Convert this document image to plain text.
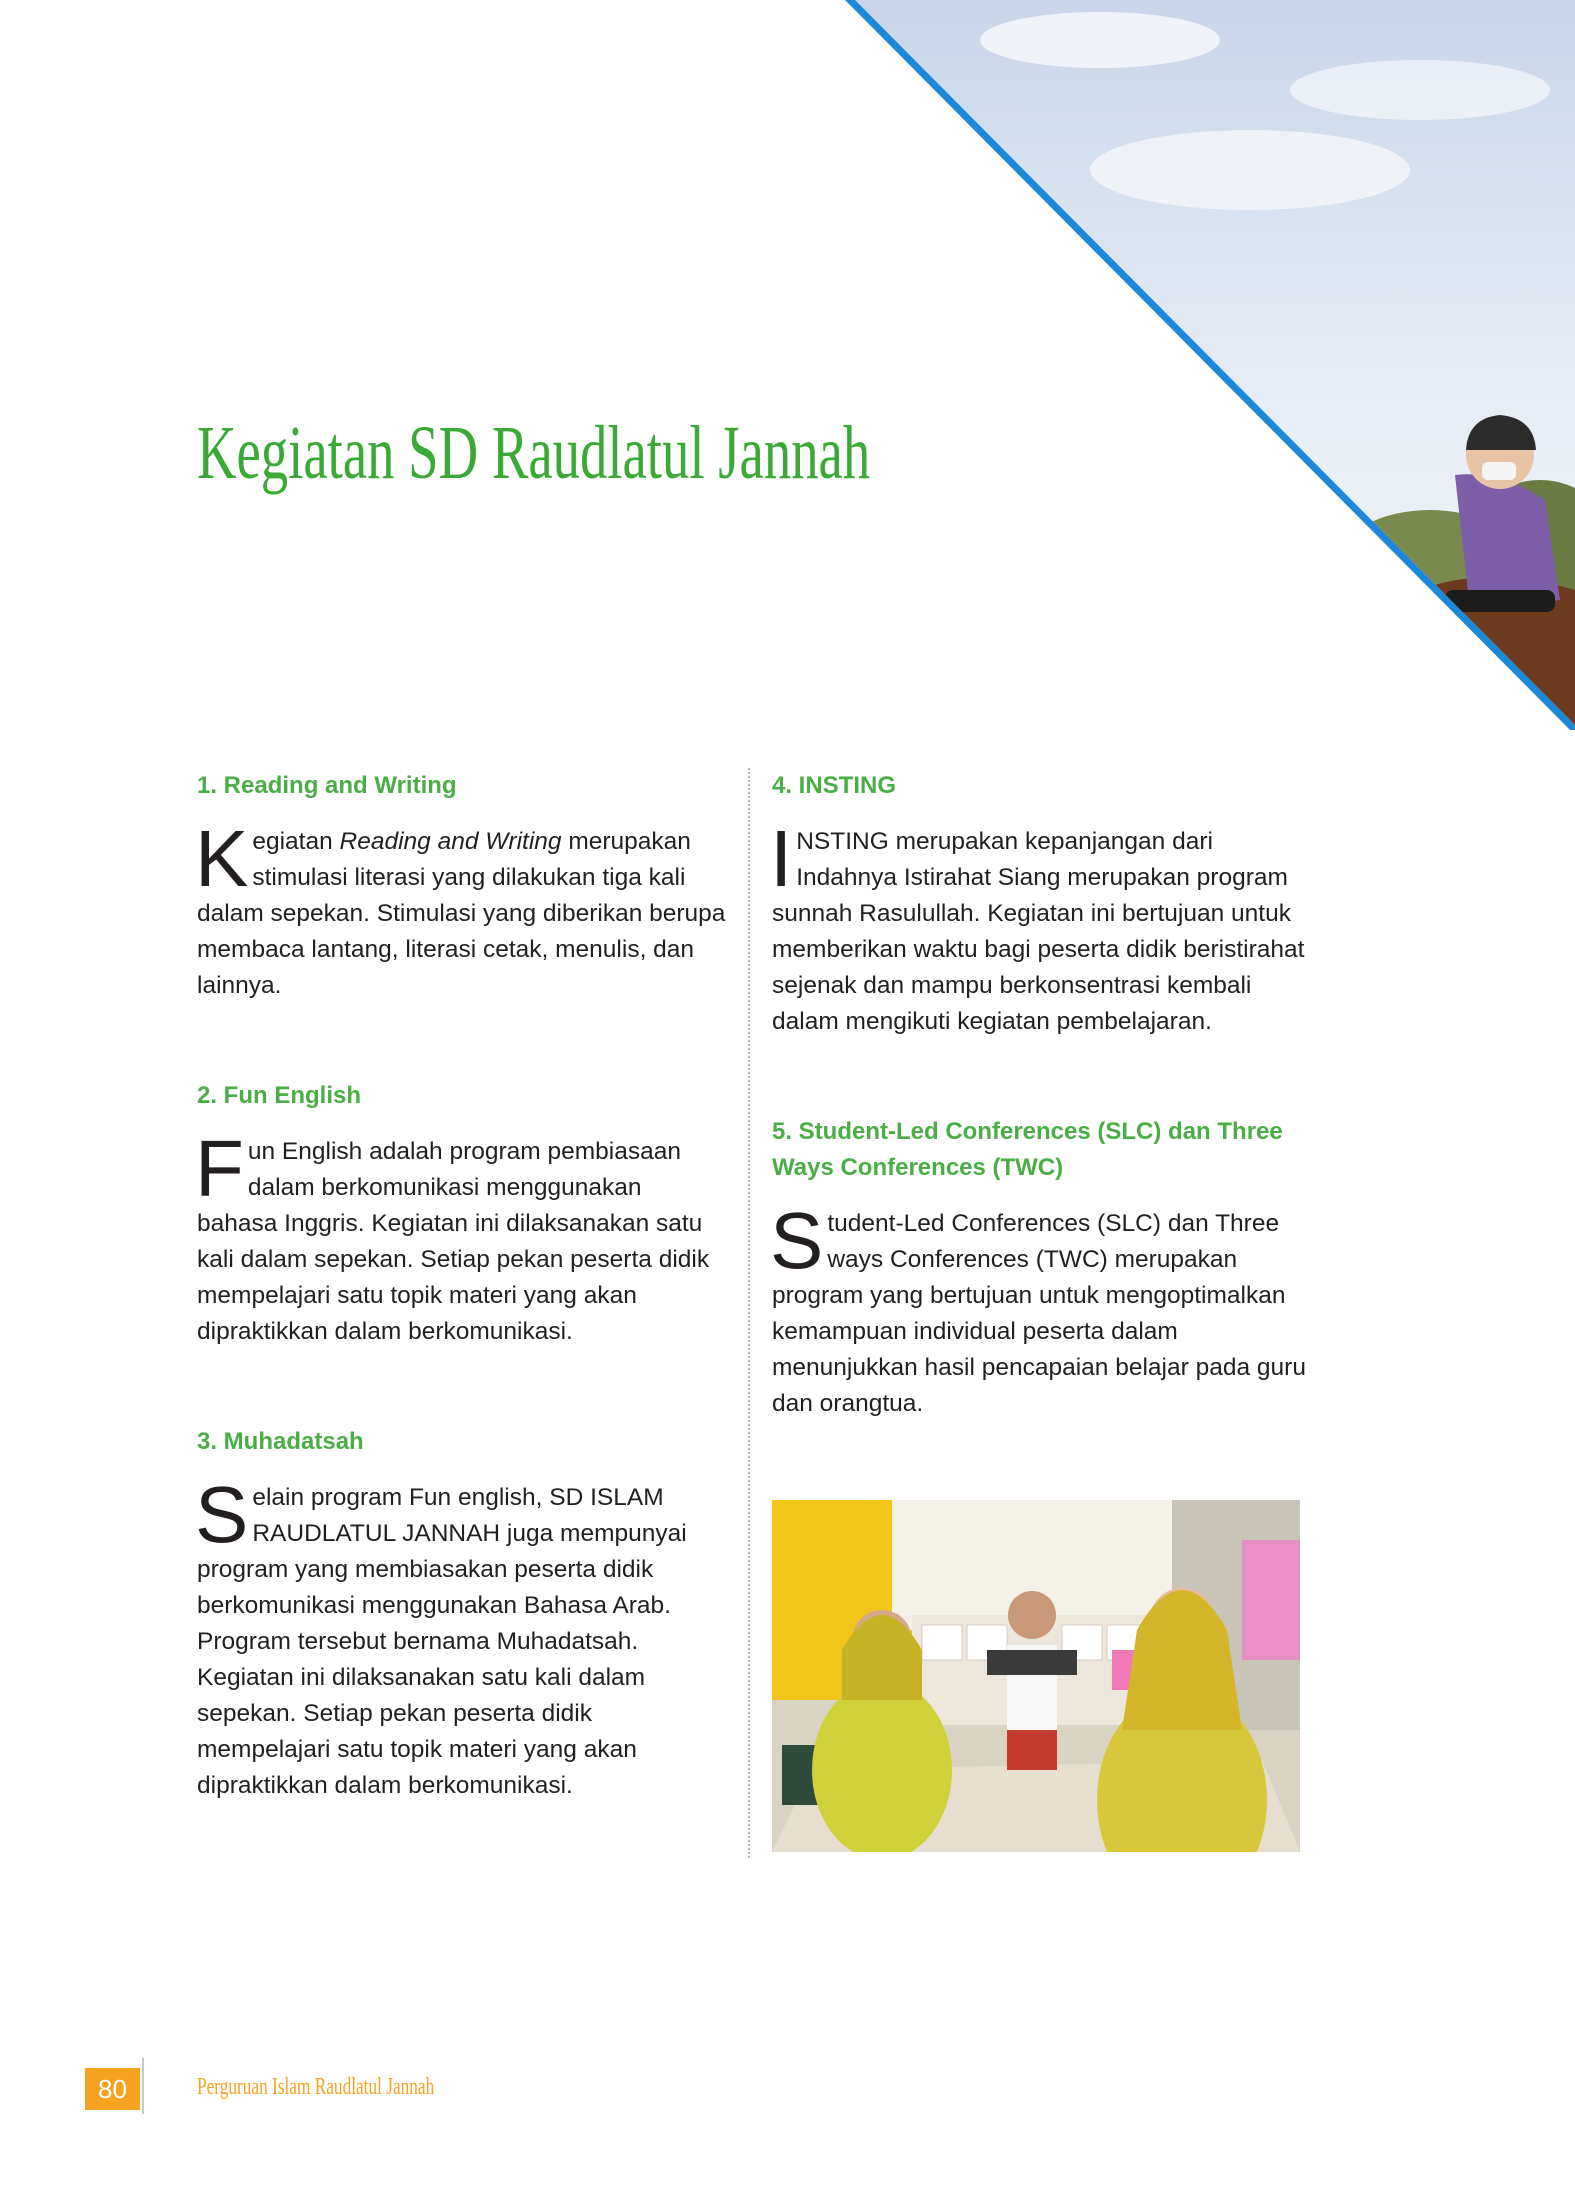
Kegiatan SD Raudlatul Jannah
1. Reading and Writing

Kegiatan Reading and Writing merupakan stimulasi literasi yang dilakukan tiga kali dalam sepekan. Stimulasi yang diberikan berupa membaca lantang, literasi cetak, menulis, dan lainnya.

2. Fun English

Fun English adalah program pembiasaan dalam berkomunikasi menggunakan bahasa Inggris. Kegiatan ini dilaksanakan satu kali dalam sepekan. Setiap pekan peserta didik mempelajari satu topik materi yang akan dipraktikkan dalam berkomunikasi.

3. Muhadatsah

Selain program Fun english, SD ISLAM RAUDLATUL JANNAH juga mempunyai program yang membiasakan peserta didik berkomunikasi menggunakan Bahasa Arab. Program tersebut bernama Muhadatsah. Kegiatan ini dilaksanakan satu kali dalam sepekan. Setiap pekan peserta didik mempelajari satu topik materi yang akan dipraktikkan dalam berkomunikasi.

4. INSTING

INSTING merupakan kepanjangan dari Indahnya Istirahat Siang merupakan program sunnah Rasulullah. Kegiatan ini bertujuan untuk memberikan waktu bagi peserta didik beristirahat sejenak dan mampu berkonsentrasi kembali dalam mengikuti kegiatan pembelajaran.

5. Student-Led Conferences (SLC) dan Three Ways Conferences (TWC)

Student-Led Conferences (SLC) dan Three ways Conferences (TWC) merupakan program yang bertujuan untuk mengoptimalkan kemampuan individual peserta dalam menunjukkan hasil pencapaian belajar pada guru dan orangtua.

80	Perguruan Islam Raudlatul Jannah
